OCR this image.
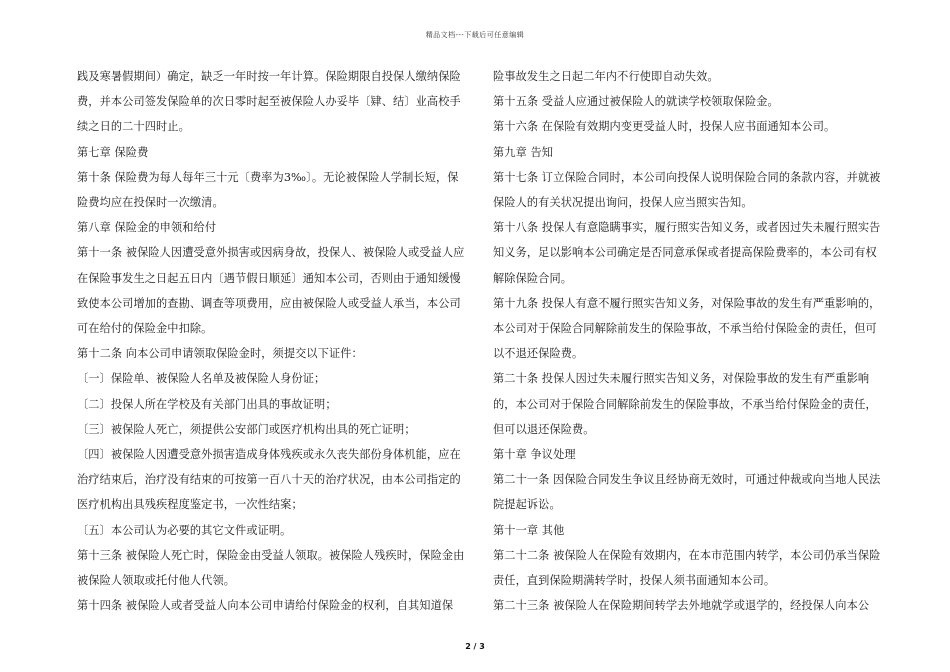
精品文档---下载后可任意编辑

践及寒暑假期间）确定，缺乏一年时按一年计算。保险期限自投保人缴纳保险费，并本公司签发保险单的次日零时起至被保险人办妥毕〔肄、结〕业高校手续之日的二十四时止。

第七章 保险费

第十条 保险费为每人每年三十元〔费率为3‰〕。无论被保险人学制长短，保险费均应在投保时一次缴清。

第八章 保险金的申领和给付

第十一条 被保险人因遭受意外损害或因病身故，投保人、被保险人或受益人应在保险事发生之日起五日内〔遇节假日顺延〕通知本公司，否则由于通知缓慢致使本公司增加的查勘、调查等项费用，应由被保险人或受益人承当，本公司可在给付的保险金中扣除。

第十二条 向本公司申请领取保险金时，须提交以下证件：

〔一〕保险单、被保险人名单及被保险人身份证；

〔二〕投保人所在学校及有关部门出具的事故证明；

〔三〕被保险人死亡，须提供公安部门或医疗机构出具的死亡证明；

〔四〕被保险人因遭受意外损害造成身体残疾或永久丧失部份身体机能，应在治疗结束后，治疗没有结束的可按第一百八十天的治疗状况，由本公司指定的医疗机构出具残疾程度鉴定书，一次性结案；

〔五〕本公司认为必要的其它文件或证明。

第十三条 被保险人死亡时，保险金由受益人领取。被保险人残疾时，保险金由被保险人领取或托付他人代领。

第十四条 被保险人或者受益人向本公司申请给付保险金的权利，自其知道保

险事故发生之日起二年内不行使即自动失效。

第十五条 受益人应通过被保险人的就读学校领取保险金。

第十六条 在保险有效期内变更受益人时，投保人应书面通知本公司。

第九章 告知

第十七条 订立保险合同时，本公司向投保人说明保险合同的条款内容，并就被保险人的有关状况提出询问，投保人应当照实告知。

第十八条 投保人有意隐瞒事实，履行照实告知义务，或者因过失未履行照实告知义务，足以影响本公司确定是否同意承保或者提高保险费率的，本公司有权解除保险合同。

第十九条 投保人有意不履行照实告知义务，对保险事故的发生有严重影响的，本公司对于保险合同解除前发生的保险事故，不承当给付保险金的责任，但可以不退还保险费。

第二十条 投保人因过失未履行照实告知义务，对保险事故的发生有严重影响的，本公司对于保险合同解除前发生的保险事故，不承当给付保险金的责任，但可以退还保险费。

第十章 争议处理

第二十一条 因保险合同发生争议且经协商无效时，可通过仲裁或向当地人民法院提起诉讼。

第十一章 其他

第二十二条 被保险人在保险有效期内，在本市范围内转学，本公司仍承当保险责任，直到保险期满转学时，投保人须书面通知本公司。

第二十三条 被保险人在保险期间转学去外地就学或退学的，经投保人向本公

2 / 3
